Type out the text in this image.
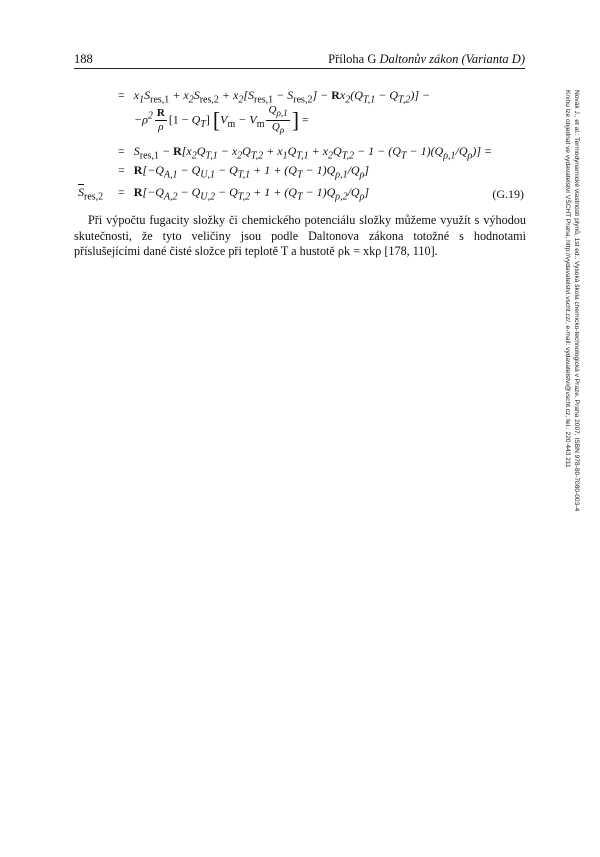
188	Příloha G Daltonův zákon (Varianta D)
=   $x_1S_{res,1} + x_2S_{res,2} + x_2[S_{res,1} - S_{res,2}] - Rx_2(Q_{T,1} - Q_{T,2})$] −
$-\rho^2 \frac{R}{\rho} [1 - Q_T] [V_m - V_m \frac{Q_{\rho,1}}{Q_\rho}$ ] =
=   $S_{res,1} - R[x_2Q_{T,1} - x_2Q_{T,2} + x_1Q_{T,1} + x_2Q_{T,2} - 1 - (Q_T - 1)(Q_{\rho,1}/Q_\rho)]$ =
= $R[-Q_{A,1} - Q_{U,1} - Q_{T,1} + 1 + (Q_T - 1)Q_{\rho,1}/Q_\rho]$
$\overline{S}_{res,2} = R[-Q_{A,2} - Q_{U,2} - Q_{T,2} + 1 + (Q_T - 1)Q_{\rho,2}/Q_\rho]$	(G.19)
Při výpočtu fugacity složky či chemického potenciálu složky můžeme využít s výhodou skutečnosti, že tyto veličiny jsou podle Daltonova zákona totožné s hodnotami příslušejícími dané čisté složce při teplotě T a hustotě ρk = xkρ [178, 110].	Novák J., et al.: Termodynamické vlastnosti plynů, 1st ed., Vysoká škola chemicko-technologická v Praze, Praha 2007, ISBN 978-80-7080-003-4
Knihu lze objednat ve vydavatelství VŠCHT Praha, http://vydavatelstvi.vscht.cz/, e-mail: vydavatelstvi@vscht.cz, tel.: 220 443 211
